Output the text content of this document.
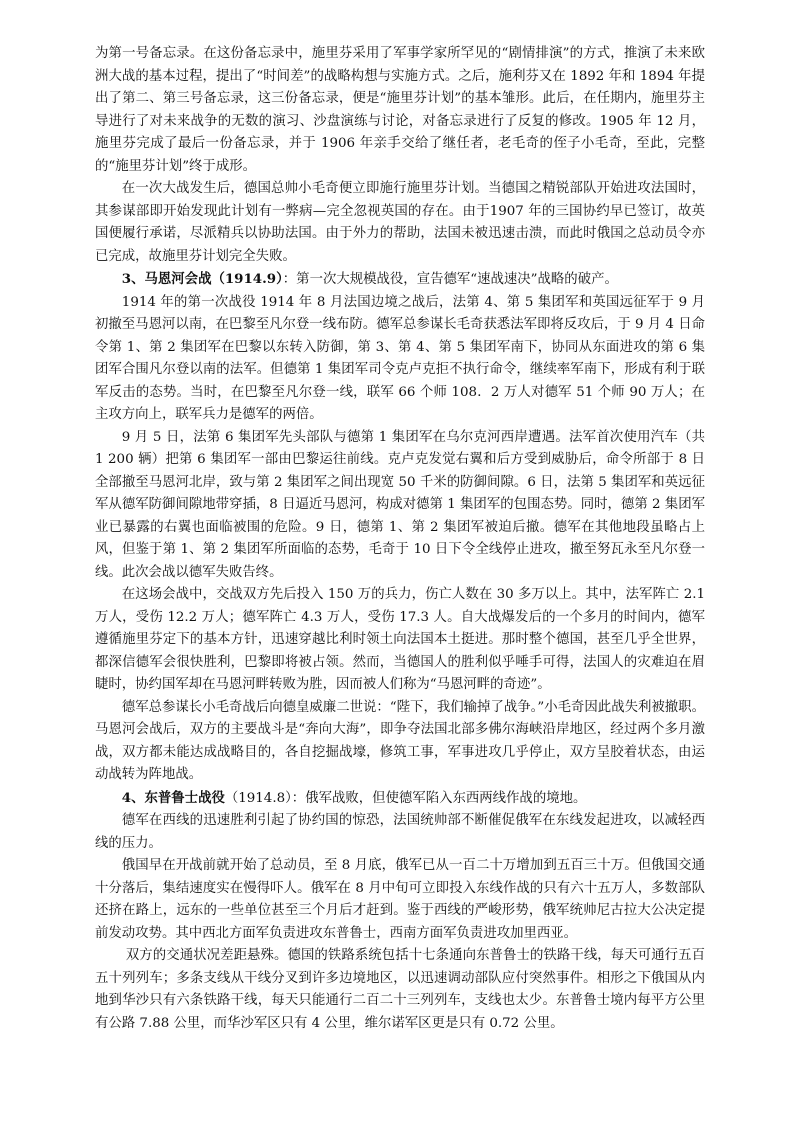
为第一号备忘录。在这份备忘录中，施里芬采用了军事学家所罕见的“剧情排演”的方式，推演了未来欧洲大战的基本过程，提出了“时间差”的战略构想与实施方式。之后，施利芬又在 1892 年和 1894 年提出了第二、第三号备忘录，这三份备忘录，便是“施里芬计划”的基本雏形。此后，在任期内，施里芬主导进行了对未来战争的无数的演习、沙盘演练与讨论，对备忘录进行了反复的修改。1905 年 12 月，施里芬完成了最后一份备忘录，并于 1906 年亲手交给了继任者，老毛奇的侄子小毛奇，至此，完整的“施里芬计划”终于成形。

在一次大战发生后，德国总帅小毛奇便立即施行施里芬计划。当德国之精锐部队开始进攻法国时，其参谋部即开始发现此计划有一弊病—完全忽视英国的存在。由于1907 年的三国协约早已签订，故英国便履行承诺，尽派精兵以协助法国。由于外力的帮助，法国未被迅速击溃，而此时俄国之总动员令亦已完成，故施里芬计划完全失败。

3、马恩河会战（1914.9）：第一次大规模战役，宣告德军“速战速决”战略的破产。

1914 年的第一次战役 1914 年 8 月法国边境之战后，法第 4、第 5 集团军和英国远征军于 9 月初撤至马恩河以南，在巴黎至凡尔登一线布防。德军总参谋长毛奇获悉法军即将反攻后，于 9 月 4 日命令第 1、第 2 集团军在巴黎以东转入防御，第 3、第 4、第 5 集团军南下，协同从东面进攻的第 6 集团军合围凡尔登以南的法军。但德第 1 集团军司令克卢克拒不执行命令，继续率军南下，形成有利于联军反击的态势。当时，在巴黎至凡尔登一线，联军 66 个师 108．2 万人对德军 51 个师 90 万人；在主攻方向上，联军兵力是德军的两倍。

9 月 5 日，法第 6 集团军先头部队与德第 1 集团军在乌尔克河西岸遭遇。法军首次使用汽车（共 1 200 辆）把第 6 集团军一部由巴黎运往前线。克卢克发觉右翼和后方受到威胁后，命令所部于 8 日全部撤至马恩河北岸，致与第 2 集团军之间出现宽 50 千米的防御间隙。6 日，法第 5 集团军和英远征军从德军防御间隙地带穿插，8 日逼近马恩河，构成对德第 1 集团军的包围态势。同时，德第 2 集团军业已暴露的右翼也面临被围的危险。9 日，德第 1、第 2 集团军被迫后撤。德军在其他地段虽略占上风，但鉴于第 1、第 2 集团军所面临的态势，毛奇于 10 日下令全线停止进攻，撤至努瓦永至凡尔登一线。此次会战以德军失败告终。

在这场会战中，交战双方先后投入 150 万的兵力，伤亡人数在 30 多万以上。其中，法军阵亡 2.1 万人，受伤 12.2 万人；德军阵亡 4.3 万人，受伤 17.3 人。自大战爆发后的一个多月的时间内，德军遵循施里芬定下的基本方针，迅速穿越比利时领土向法国本土挺进。那时整个德国，甚至几乎全世界，都深信德军会很快胜利，巴黎即将被占领。然而，当德国人的胜利似乎唾手可得，法国人的灾难迫在眉睫时，协约国军却在马恩河畔转败为胜，因而被人们称为“马恩河畔的奇迹”。

德军总参谋长小毛奇战后向德皇威廉二世说：“陛下，我们输掉了战争。”小毛奇因此战失利被撤职。马恩河会战后，双方的主要战斗是“奔向大海”，即争夺法国北部多佛尔海峡沿岸地区，经过两个多月激战，双方都未能达成战略目的，各自挖掘战壕，修筑工事，军事进攻几乎停止，双方呈胶着状态，由运动战转为阵地战。

4、东普鲁士战役（1914.8）：俄军战败，但使德军陷入东西两线作战的境地。

德军在西线的迅速胜利引起了协约国的惊恐，法国统帅部不断催促俄军在东线发起进攻，以减轻西线的压力。

俄国早在开战前就开始了总动员，至 8 月底，俄军已从一百二十万增加到五百三十万。但俄国交通十分落后，集结速度实在慢得吓人。俄军在 8 月中旬可立即投入东线作战的只有六十五万人，多数部队还挤在路上，远东的一些单位甚至三个月后才赶到。鉴于西线的严峻形势，俄军统帅尼古拉大公决定提前发动攻势。其中西北方面军负责进攻东普鲁士，西南方面军负责进攻加里西亚。

双方的交通状况差距悬殊。德国的铁路系统包括十七条通向东普鲁士的铁路干线，每天可通行五百五十列列车；多条支线从干线分叉到许多边境地区，以迅速调动部队应付突然事件。相形之下俄国从内地到华沙只有六条铁路干线，每天只能通行二百二十三列列车，支线也太少。东普鲁士境内每平方公里有公路 7.88 公里，而华沙军区只有 4 公里，维尔诺军区更是只有 0.72 公里。
